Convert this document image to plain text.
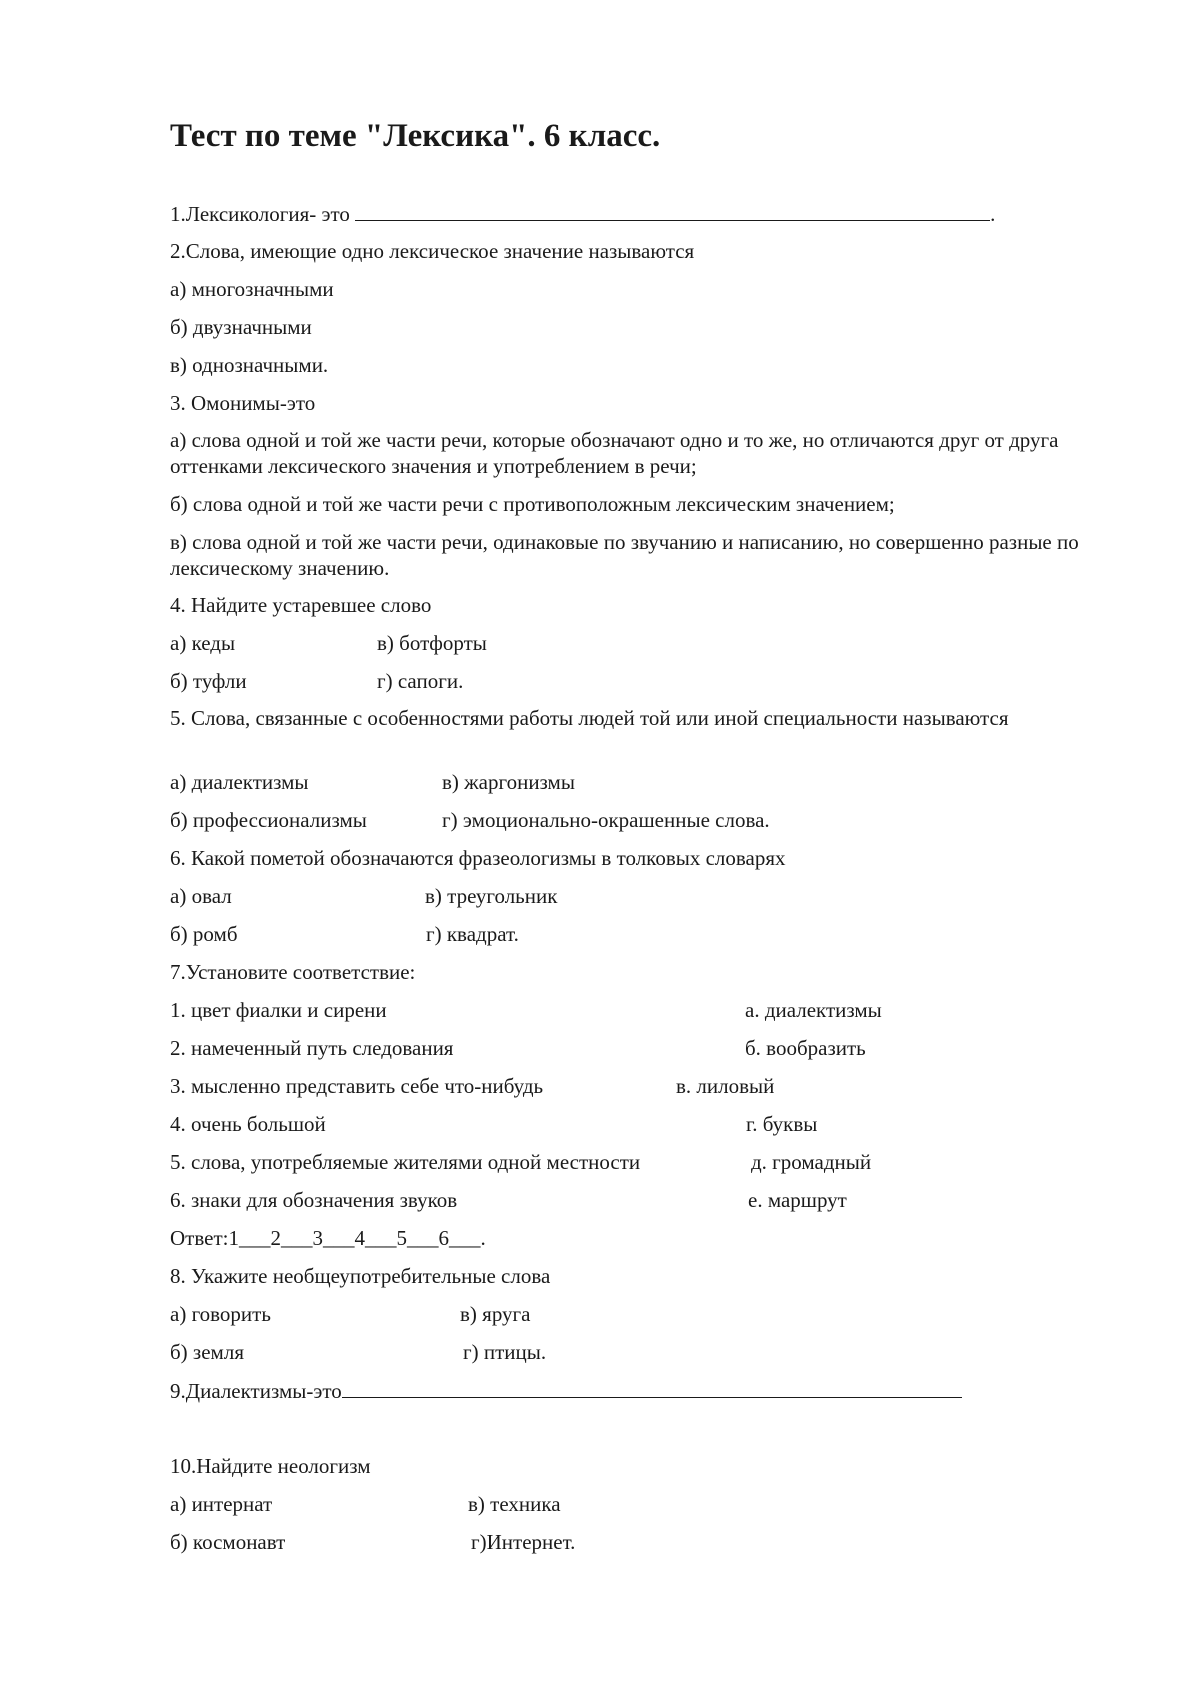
Тест по теме "Лексика". 6 класс.
1.Лексикология- это	.
2.Слова, имеющие одно лексическое значение называются
а) многозначными
б) двузначными
в) однозначными.
3. Омонимы-это
а) слова одной и той же части речи, которые обозначают одно и то же, но отличаются друг от друга оттенками лексического значения и употреблением в речи;
б) слова одной и той же части речи с противоположным лексическим значением;
в) слова одной и той же части речи, одинаковые по звучанию и написанию, но совершенно разные по лексическому значению.
4. Найдите устаревшее слово
а) кеды	в) ботфорты
б) туфли	г) сапоги.
5. Слова, связанные с особенностями работы людей той или иной специальности называются
а) диалектизмы	в) жаргонизмы
б) профессионализмы	г) эмоционально-окрашенные слова.
6. Какой пометой обозначаются фразеологизмы в толковых словарях
а) овал	в) треугольник
б) ромб	г) квадрат.
7.Установите соответствие:
1. цвет фиалки и сирени	а. диалектизмы
2. намеченный путь следования	б. вообразить
3. мысленно представить себе что-нибудь	в. лиловый
4. очень большой	г. буквы
5. слова, употребляемые жителями одной местности	д. громадный
6. знаки для обозначения звуков	е. маршрут
Ответ:1___2___3___4___5___6___.
8. Укажите необщеупотребительные слова
а) говорить	в) яруга
б) земля	г) птицы.
9.Диалектизмы-это
10.Найдите неологизм
а) интернат	в) техника
б) космонавт	г)Интернет.
